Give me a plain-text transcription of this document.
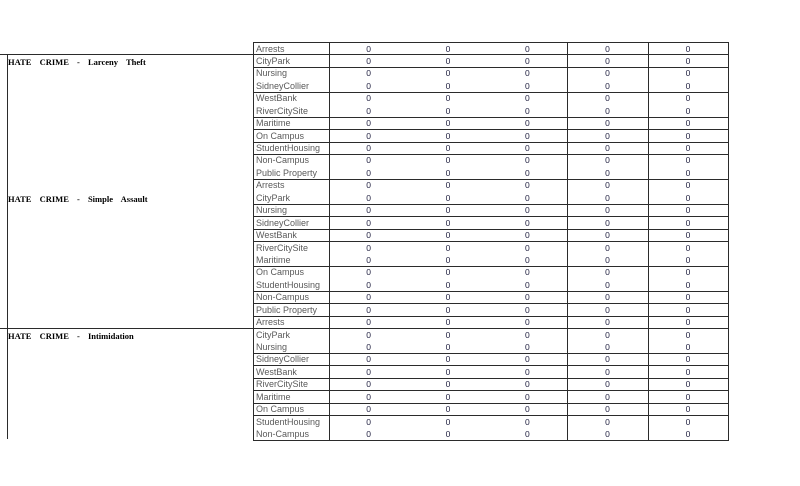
Arrests	0	0	0	0	0
HATE CRIME - Larceny Theft	CityPark	0	0	0	0	0
Nursing	0	0	0	0	0
SidneyCollier	0	0	0	0	0
WestBank	0	0	0	0	0
RiverCitySite	0	0	0	0	0
Maritime	0	0	0	0	0
On Campus	0	0	0	0	0
StudentHousing	0	0	0	0	0
Non-Campus	0	0	0	0	0
Public Property	0	0	0	0	0
Arrests	0	0	0	0	0
HATE CRIME - Simple Assault	CityPark	0	0	0	0	0
Nursing	0	0	0	0	0
SidneyCollier	0	0	0	0	0
WestBank	0	0	0	0	0
RiverCitySite	0	0	0	0	0
Maritime	0	0	0	0	0
On Campus	0	0	0	0	0
StudentHousing	0	0	0	0	0
Non-Campus	0	0	0	0	0
Public Property	0	0	0	0	0
Arrests	0	0	0	0	0
HATE CRIME - Intimidation	CityPark	0	0	0	0	0
Nursing	0	0	0	0	0
SidneyCollier	0	0	0	0	0
WestBank	0	0	0	0	0
RiverCitySite	0	0	0	0	0
Maritime	0	0	0	0	0
On Campus	0	0	0	0	0
StudentHousing	0	0	0	0	0
Non-Campus	0	0	0	0	0
